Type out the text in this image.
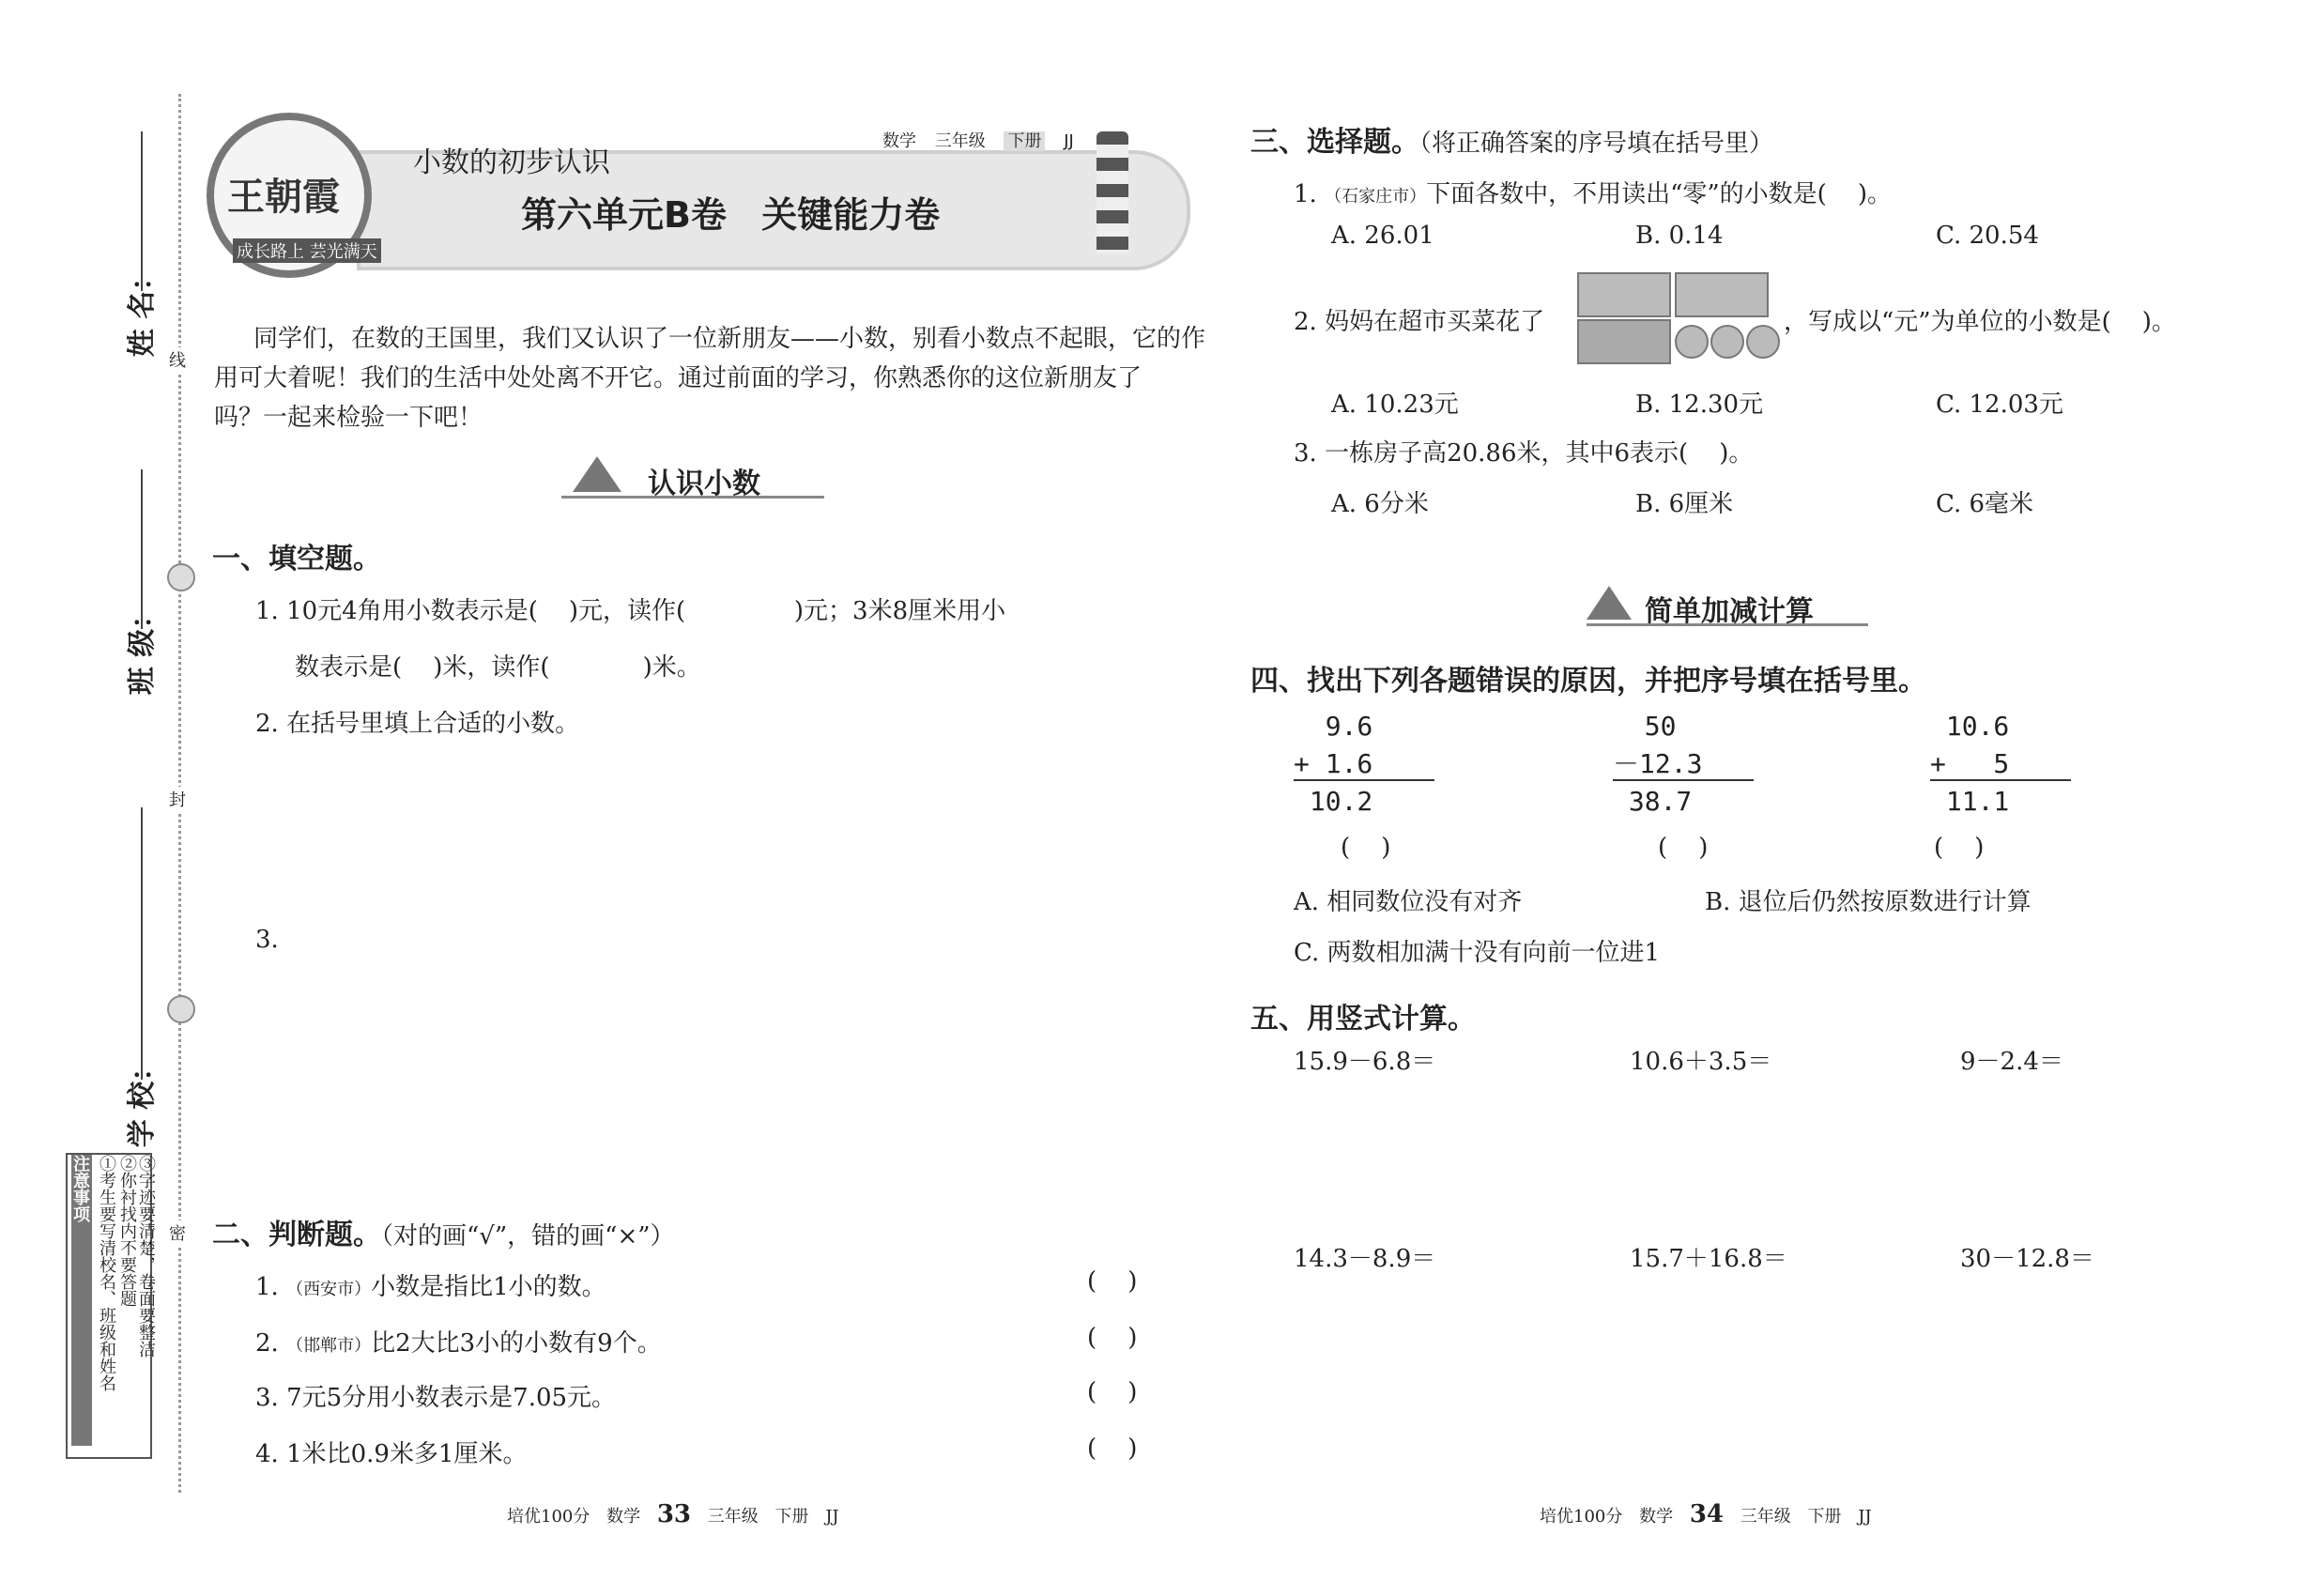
线
封
密
姓 名：
班 级：
学 校：
注意事项 ①考生要写清校名、班级和姓名 ②你衬找内不要答题 ③字迹要清楚，卷面要整洁
王朝霞
成长路上 芸光满天
小数的初步认识
数学 三年级 下册 JJ
第六单元B卷 关键能力卷
同学们，在数的王国里，我们又认识了一位新朋友——小数，别看小数点不起眼，它的作
用可大着呢！我们的生活中处处离不开它。通过前面的学习，你熟悉你的这位新朋友了
吗？一起来检验一下吧！
认识小数
一、填空题。
1. 10元4角用小数表示是(    )元，读作(              )元；3米8厘米用小
数表示是(    )米，读作(            )米。
2. 在括号里填上合适的小数。
3.

二、判断题。（对的画“√”，错的画“×”）
1. （西安市）小数是指比1小的数。	(    )
2. （邯郸市）比2大比3小的小数有9个。	(    )
3. 7元5分用小数表示是7.05元。	(    )
4. 1米比0.9米多1厘米。	(    )
培优100分 数学 33 三年级 下册 JJ
三、选择题。（将正确答案的序号填在括号里）
1. （石家庄市）下面各数中，不用读出“零”的小数是(    )。
A. 26.01	B. 0.14	C. 20.54
2. 妈妈在超市买菜花了	，写成以“元”为单位的小数是(    )。
A. 10.23元	B. 12.30元	C. 12.03元
3. 一栋房子高20.86米，其中6表示(    )。
A. 6分米	B. 6厘米	C. 6毫米
简单加减计算
四、找出下列各题错误的原因，并把序号填在括号里。
9.6
+ 1.6
10.2
(    )
50
－12.3
38.7
(    )
10.6
+   5
11.1
(    )
A. 相同数位没有对齐	B. 退位后仍然按原数进行计算
C. 两数相加满十没有向前一位进1
五、用竖式计算。
15.9－6.8＝	10.6＋3.5＝	9－2.4＝
14.3－8.9＝	15.7＋16.8＝	30－12.8＝
培优100分 数学 34 三年级 下册 JJ
